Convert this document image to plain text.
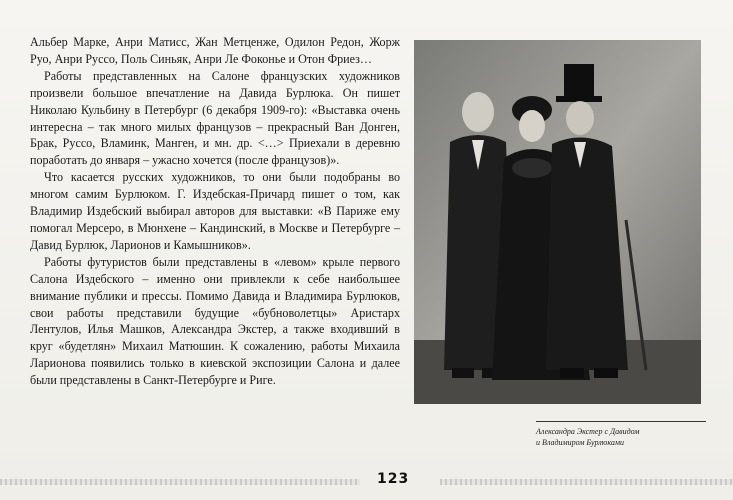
Альбер Марке, Анри Матисс, Жан Метценже, Одилон Редон, Жорж Руо, Анри Руссо, Поль Синьяк, Анри Ле Фоконье и Отон Фриез…

Работы представленных на Салоне французских художников произвели большое впечатление на Давида Бурлюка. Он пишет Николаю Кульбину в Петербург (6 декабря 1909-го): «Выставка очень интересна – так много милых французов – прекрасный Ван Донген, Брак, Руссо, Вламинк, Манген, и мн. др. <…> Приехали в деревню поработать до января – ужасно хочется (после французов)».

Что касается русских художников, то они были подобраны во многом самим Бурлюком. Г. Издебская-Причард пишет о том, как Владимир Издебский выбирал авторов для выставки: «В Париже ему помогал Мерсеро, в Мюнхене – Кандинский, в Москве и Петербурге – Давид Бурлюк, Ларионов и Камышников».

Работы футуристов были представлены в «левом» крыле первого Салона Издебского – именно они привлекли к себе наибольшее внимание публики и прессы. Помимо Давида и Владимира Бурлюков, свои работы представили будущие «бубноволетцы» Аристарх Лентулов, Илья Машков, Александра Экстер, а также входивший в круг «будетлян» Михаил Матюшин. К сожалению, работы Михаила Ларионова появились только в киевской экспозиции Салона и далее были представлены в Санкт-Петербурге и Риге.

Александра Экстер с Давидом
и Владимиром Бурлюками
123
